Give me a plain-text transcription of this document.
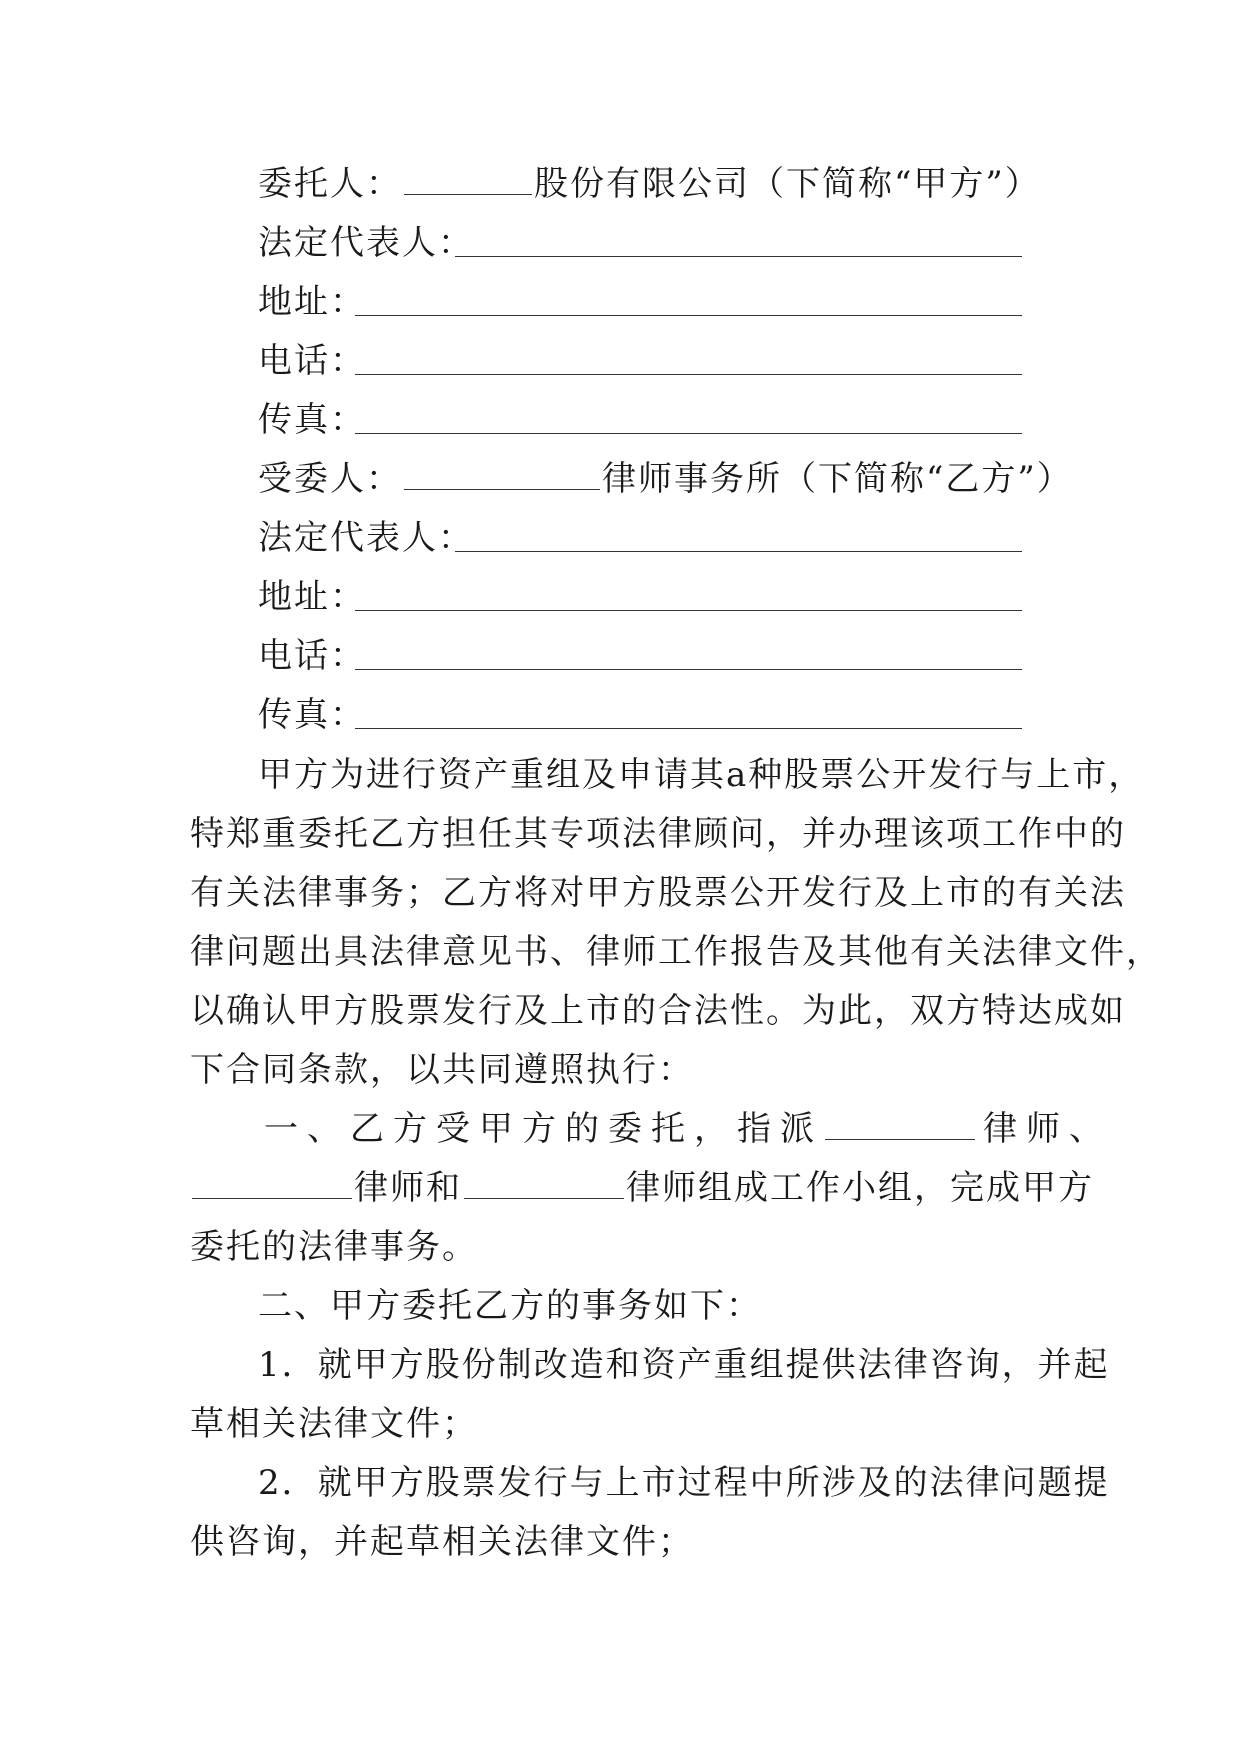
委托人：	股份有限公司（下简称“甲方”）
法定代表人：
地址：
电话：
传真：
受委人：	律师事务所（下简称“乙方”）
法定代表人：
地址：
电话：
传真：
甲方为进行资产重组及申请其a种股票公开发行与上市，
特郑重委托乙方担任其专项法律顾问，并办理该项工作中的
有关法律事务；乙方将对甲方股票公开发行及上市的有关法
律问题出具法律意见书、律师工作报告及其他有关法律文件，
以确认甲方股票发行及上市的合法性。为此，双方特达成如
下合同条款，以共同遵照执行：
一、乙方受甲方的委托，指派	律师、
律师和	律师组成工作小组，完成甲方
委托的法律事务。
二、甲方委托乙方的事务如下：
1．就甲方股份制改造和资产重组提供法律咨询，并起
草相关法律文件；
2．就甲方股票发行与上市过程中所涉及的法律问题提
供咨询，并起草相关法律文件；
